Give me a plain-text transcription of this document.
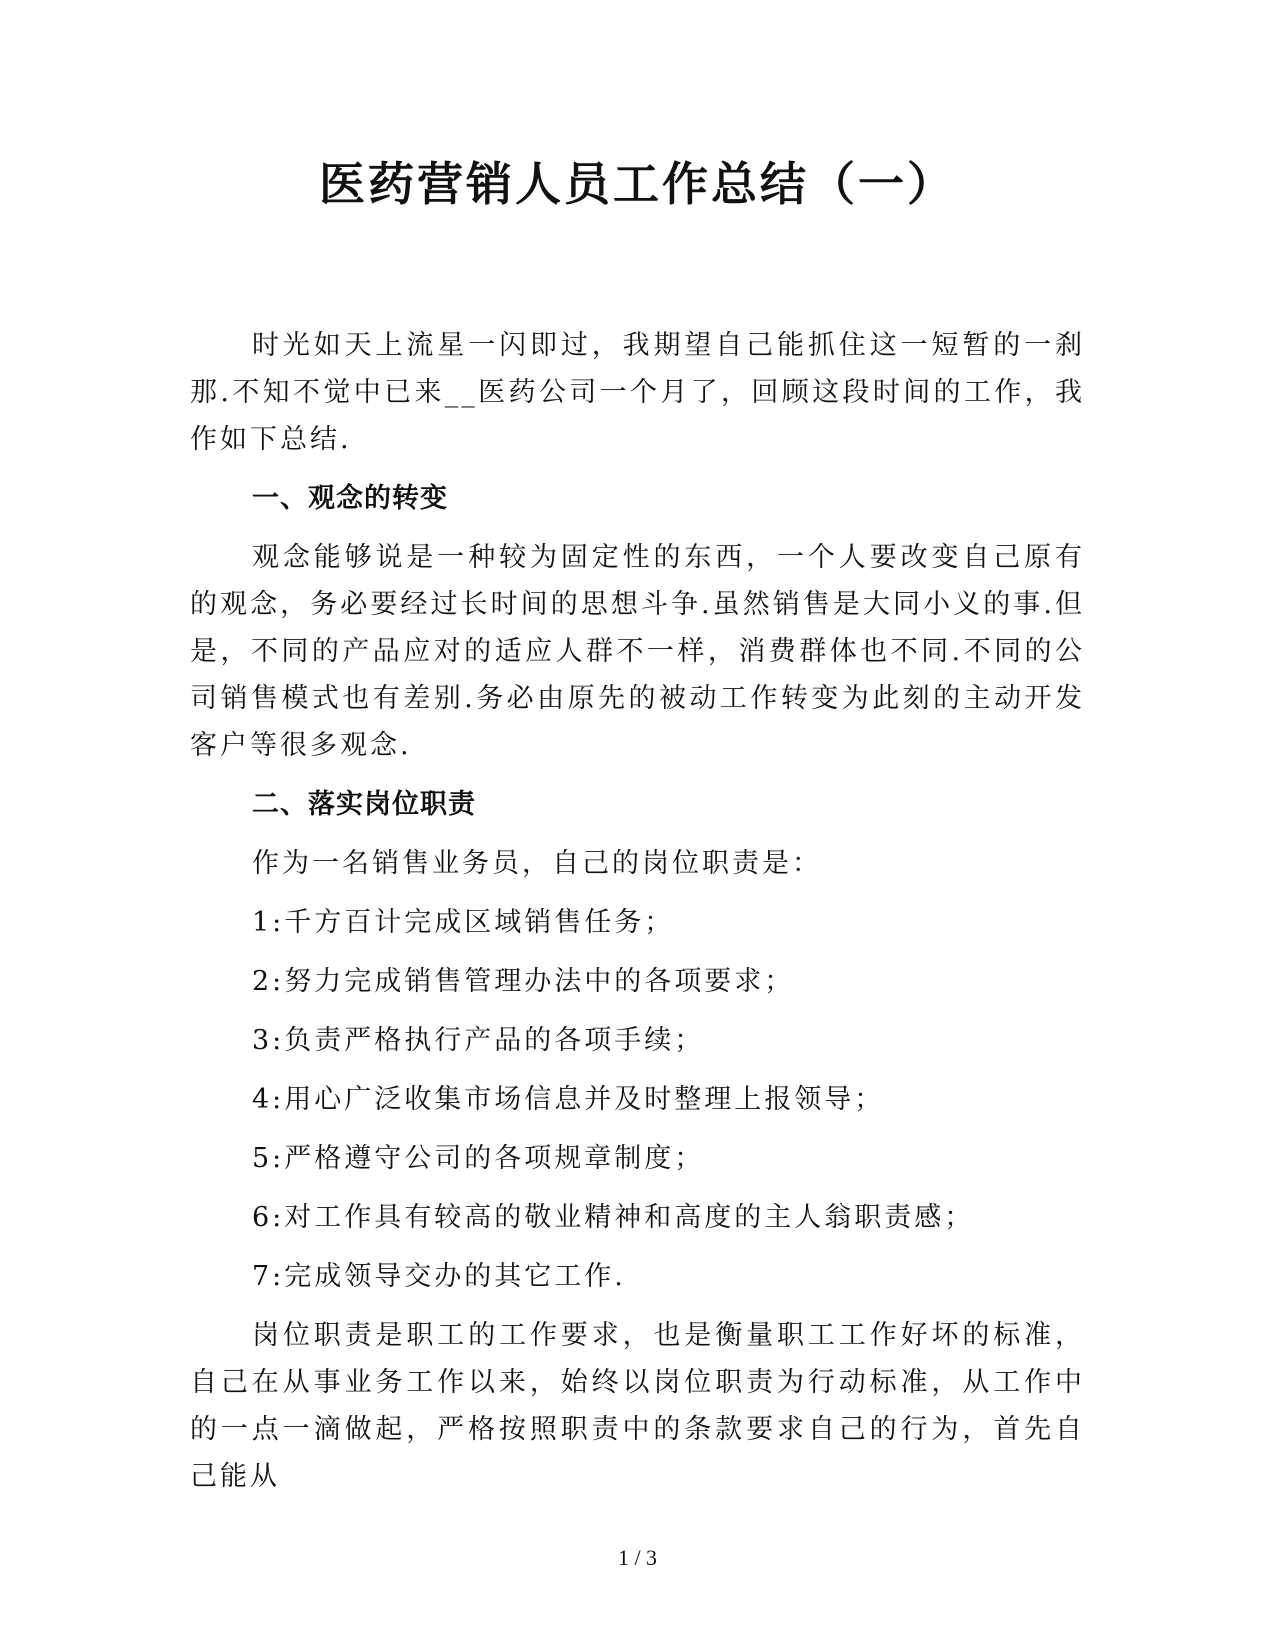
医药营销人员工作总结（一）

时光如天上流星一闪即过，我期望自己能抓住这一短暂的一刹那.不知不觉中已来__医药公司一个月了，回顾这段时间的工作，我作如下总结.

一、观念的转变

观念能够说是一种较为固定性的东西，一个人要改变自己原有的观念，务必要经过长时间的思想斗争.虽然销售是大同小义的事.但是，不同的产品应对的适应人群不一样，消费群体也不同.不同的公司销售模式也有差别.务必由原先的被动工作转变为此刻的主动开发客户等很多观念.

二、落实岗位职责

作为一名销售业务员，自己的岗位职责是：

1:千方百计完成区域销售任务；

2:努力完成销售管理办法中的各项要求；

3:负责严格执行产品的各项手续；

4:用心广泛收集市场信息并及时整理上报领导；

5:严格遵守公司的各项规章制度；

6:对工作具有较高的敬业精神和高度的主人翁职责感；

7:完成领导交办的其它工作.

岗位职责是职工的工作要求，也是衡量职工工作好坏的标准，自己在从事业务工作以来，始终以岗位职责为行动标准，从工作中的一点一滴做起，严格按照职责中的条款要求自己的行为，首先自己能从

1 / 3
